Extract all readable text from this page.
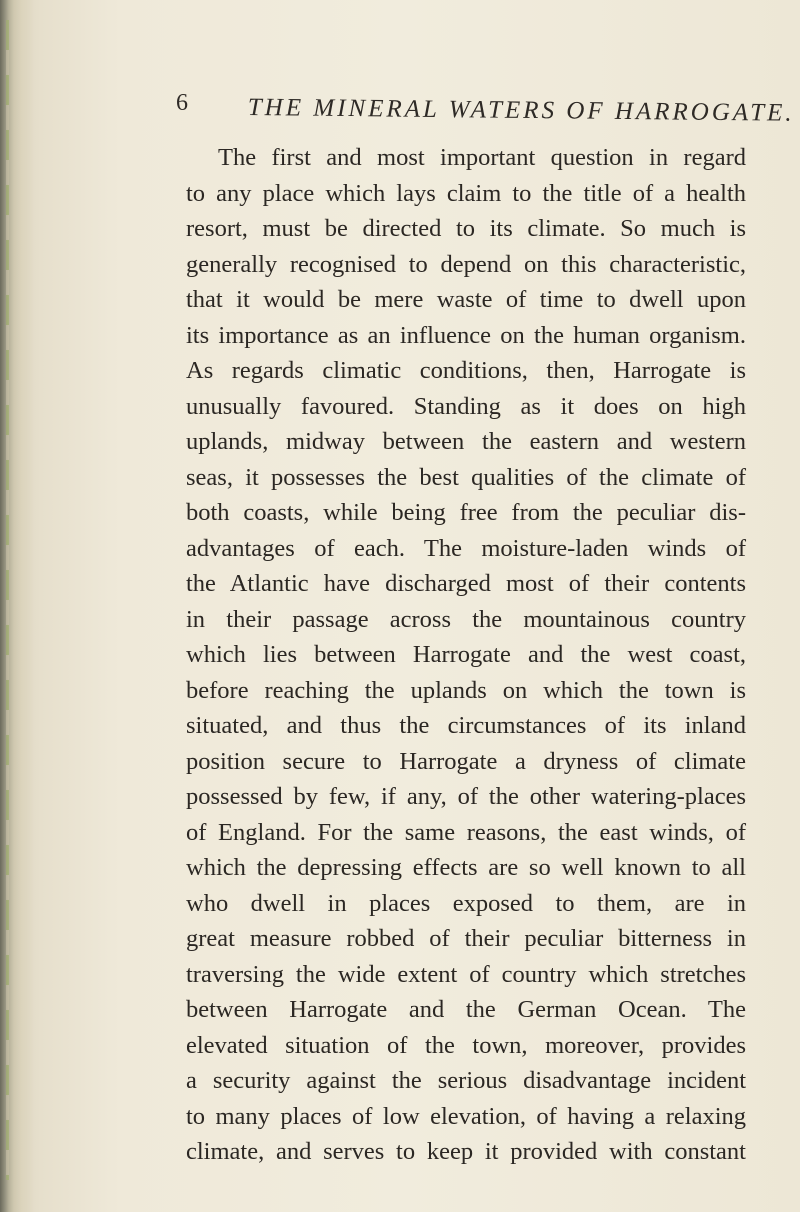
6 THE MINERAL WATERS OF HARROGATE.
The first and most important question in regard
to any place which lays claim to the title of a health
resort, must be directed to its climate. So much is
generally recognised to depend on this characteristic,
that it would be mere waste of time to dwell upon
its importance as an influence on the human organism.
As regards climatic conditions, then, Harrogate is
unusually favoured. Standing as it does on high
uplands, midway between the eastern and western
seas, it possesses the best qualities of the climate of
both coasts, while being free from the peculiar dis-
advantages of each. The moisture-laden winds of
the Atlantic have discharged most of their contents
in their passage across the mountainous country
which lies between Harrogate and the west coast,
before reaching the uplands on which the town is
situated, and thus the circumstances of its inland
position secure to Harrogate a dryness of climate
possessed by few, if any, of the other watering-places
of England. For the same reasons, the east winds, of
which the depressing effects are so well known to all
who dwell in places exposed to them, are in
great measure robbed of their peculiar bitterness in
traversing the wide extent of country which stretches
between Harrogate and the German Ocean. The
elevated situation of the town, moreover, provides
a security against the serious disadvantage incident
to many places of low elevation, of having a relaxing
climate, and serves to keep it provided with constant
